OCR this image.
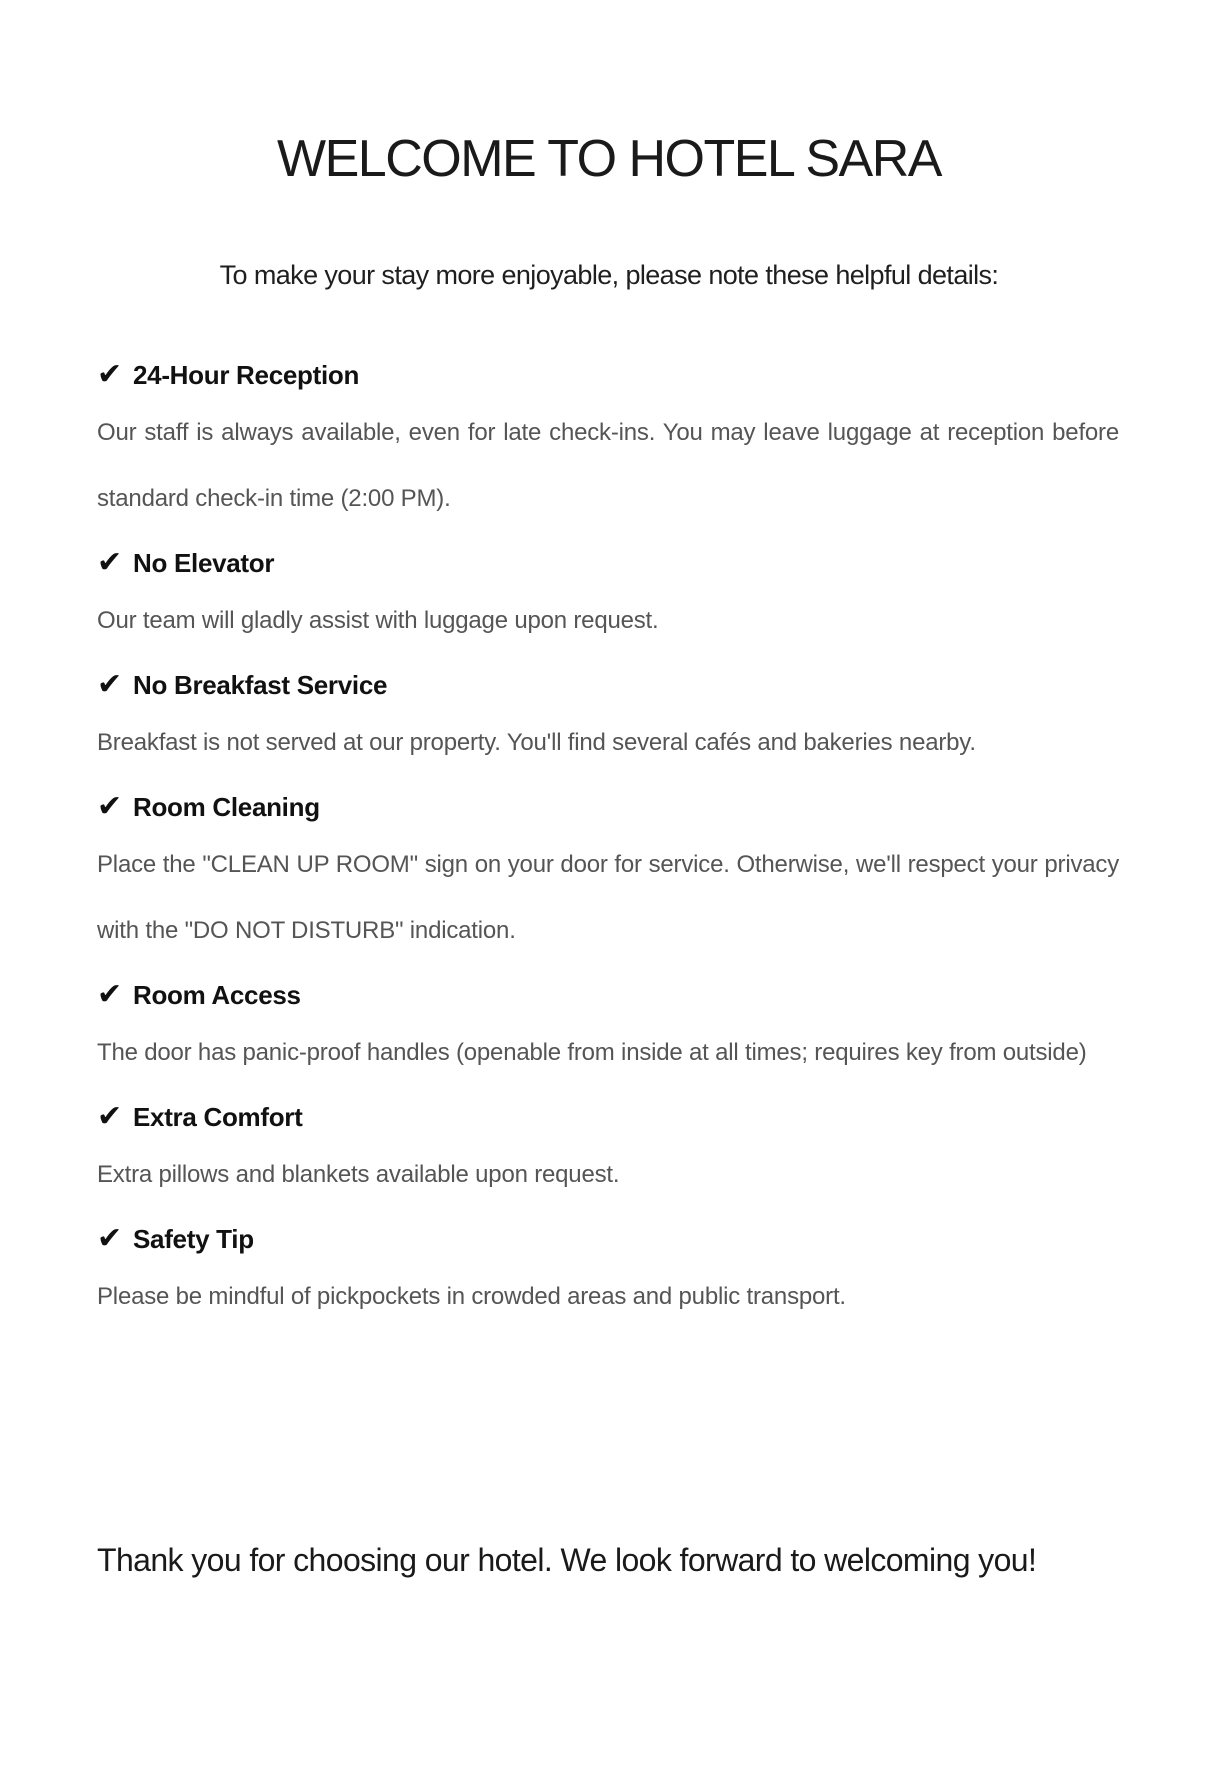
WELCOME TO HOTEL SARA

To make your stay more enjoyable, please note these helpful details:

✔ 24-Hour Reception

Our staff is always available, even for late check-ins. You may leave luggage at reception before standard check-in time (2:00 PM).

✔ No Elevator

Our team will gladly assist with luggage upon request.

✔ No Breakfast Service

Breakfast is not served at our property. You'll find several cafés and bakeries nearby.

✔ Room Cleaning

Place the "CLEAN UP ROOM" sign on your door for service. Otherwise, we'll respect your privacy with the "DO NOT DISTURB" indication.

✔ Room Access

The door has panic-proof handles (openable from inside at all times; requires key from outside)

✔ Extra Comfort

Extra pillows and blankets available upon request.

✔ Safety Tip

Please be mindful of pickpockets in crowded areas and public transport.

Thank you for choosing our hotel. We look forward to welcoming you!
